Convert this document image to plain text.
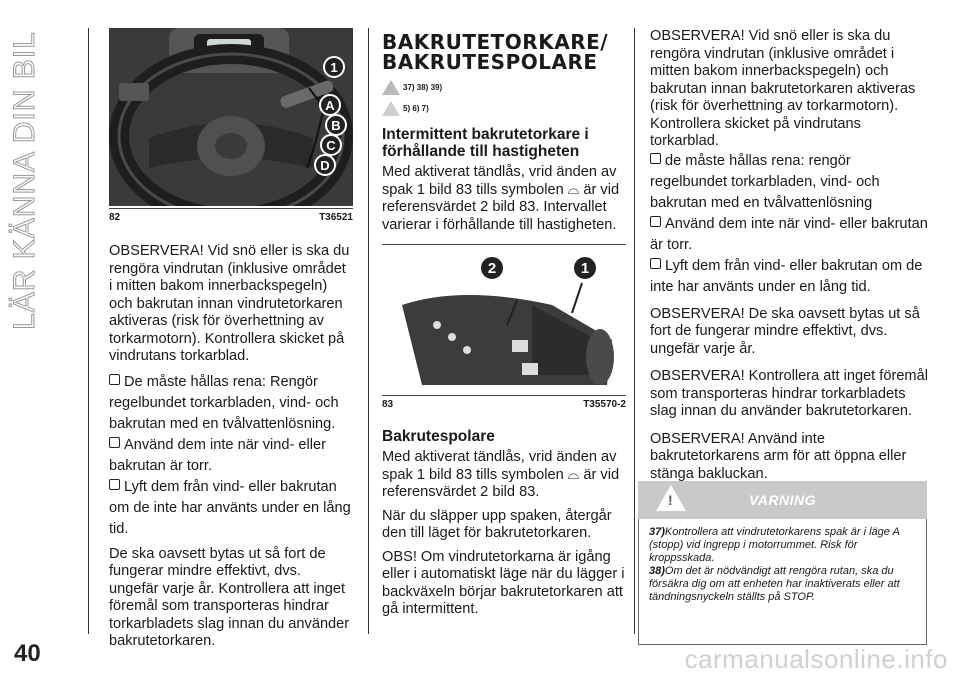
LÄR KÄNNA DIN BIL	1
A
B
C
D
82	T36521

OBSERVERA! Vid snö eller is ska du rengöra vindrutan (inklusive området i mitten bakom innerbackspegeln) och bakrutan innan vindrutetorkaren aktiveras (risk för överhettning av torkarmotorn). Kontrollera skicket på vindrutans torkarblad.

De måste hållas rena: Rengör regelbundet torkarbladen, vind- och bakrutan med en tvålvattenlösning.
Använd dem inte när vind- eller bakrutan är torr.
Lyft dem från vind- eller bakrutan om de inte har använts under en lång tid.

De ska oavsett bytas ut så fort de fungerar mindre effektivt, dvs. ungefär varje år. Kontrollera att inget föremål som transporteras hindrar torkarbladets slag innan du använder bakrutetorkaren.

BAKRUTETORKARE/ BAKRUTESPOLARE
37) 38) 39)
5) 6) 7)
Intermittent bakrutetorkare i förhållande till hastigheten

Med aktiverat tändlås, vrid änden av spak 1 bild 83 tills symbolen ⌓ är vid referensvärdet 2 bild 83. Intervallet varierar i förhållande till hastigheten.

2	1
83	T35570-2
Bakrutespolare

Med aktiverat tändlås, vrid änden av spak 1 bild 83 tills symbolen ⌓ är vid referensvärdet 2 bild 83.

När du släpper upp spaken, återgår den till läget för bakrutetorkaren.

OBS! Om vindrutetorkarna är igång eller i automatiskt läge när du lägger i backväxeln börjar bakrutetorkaren att gå intermittent.

OBSERVERA! Vid snö eller is ska du rengöra vindrutan (inklusive området i mitten bakom innerbackspegeln) och bakrutan innan bakrutetorkaren aktiveras (risk för överhettning av torkarmotorn). Kontrollera skicket på vindrutans torkarblad.

de måste hållas rena: rengör regelbundet torkarbladen, vind- och bakrutan med en tvålvattenlösning
Använd dem inte när vind- eller bakrutan är torr.
Lyft dem från vind- eller bakrutan om de inte har använts under en lång tid.

OBSERVERA! De ska oavsett bytas ut så fort de fungerar mindre effektivt, dvs. ungefär varje år.

OBSERVERA! Kontrollera att inget föremål som transporteras hindrar torkarbladets slag innan du använder bakrutetorkaren.

OBSERVERA! Använd inte bakrutetorkarens arm för att öppna eller stänga bakluckan.

!	VARNING
37)Kontrollera att vindrutetorkarens spak är i läge A (stopp) vid ingrepp i motorrummet. Risk för kroppsskada.
38)Om det är nödvändigt att rengöra rutan, ska du försäkra dig om att enheten har inaktiverats eller att tändningsnyckeln ställts på STOP.
40	carmanualsonline.info
